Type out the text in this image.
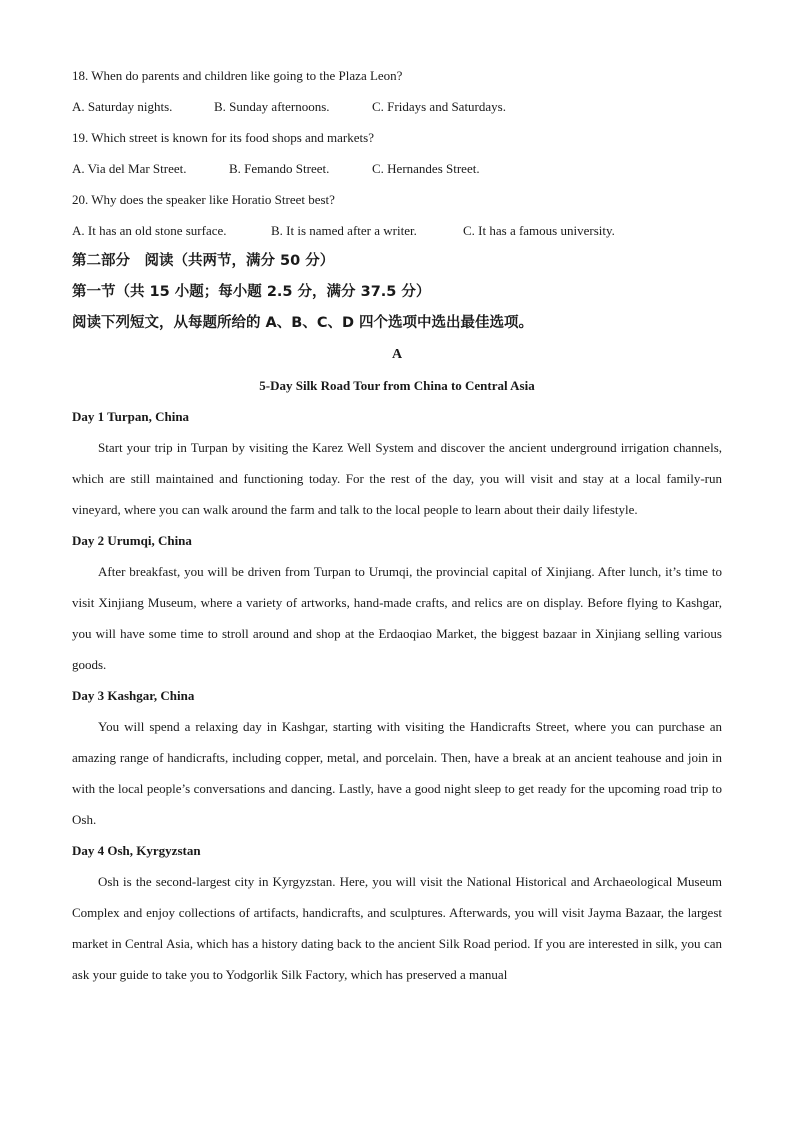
18. When do parents and children like going to the Plaza Leon?
A. Saturday nights.	B. Sunday afternoons.	C. Fridays and Saturdays.
19. Which street is known for its food shops and markets?
A. Via del Mar Street.	B. Femando Street.	C. Hernandes Street.
20. Why does the speaker like Horatio Street best?
A. It has an old stone surface.	B. It is named after a writer.	C. It has a famous university.
第二部分　阅读（共两节，满分 50 分）
第一节（共 15 小题；每小题 2.5 分，满分 37.5 分）
阅读下列短文，从每题所给的 A、B、C、D 四个选项中选出最佳选项。
A
5-Day Silk Road Tour from China to Central Asia
Day 1 Turpan, China

Start your trip in Turpan by visiting the Karez Well System and discover the ancient underground irrigation channels, which are still maintained and functioning today. For the rest of the day, you will visit and stay at a local family-run vineyard, where you can walk around the farm and talk to the local people to learn about their daily lifestyle.

Day 2 Urumqi, China

After breakfast, you will be driven from Turpan to Urumqi, the provincial capital of Xinjiang. After lunch, it’s time to visit Xinjiang Museum, where a variety of artworks, hand-made crafts, and relics are on display. Before flying to Kashgar, you will have some time to stroll around and shop at the Erdaoqiao Market, the biggest bazaar in Xinjiang selling various goods.

Day 3 Kashgar, China

You will spend a relaxing day in Kashgar, starting with visiting the Handicrafts Street, where you can purchase an amazing range of handicrafts, including copper, metal, and porcelain. Then, have a break at an ancient teahouse and join in with the local people’s conversations and dancing. Lastly, have a good night sleep to get ready for the upcoming road trip to Osh.

Day 4 Osh, Kyrgyzstan

Osh is the second-largest city in Kyrgyzstan. Here, you will visit the National Historical and Archaeological Museum Complex and enjoy collections of artifacts, handicrafts, and sculptures. Afterwards, you will visit Jayma Bazaar, the largest market in Central Asia, which has a history dating back to the ancient Silk Road period. If you are interested in silk, you can ask your guide to take you to Yodgorlik Silk Factory, which has preserved a manual
